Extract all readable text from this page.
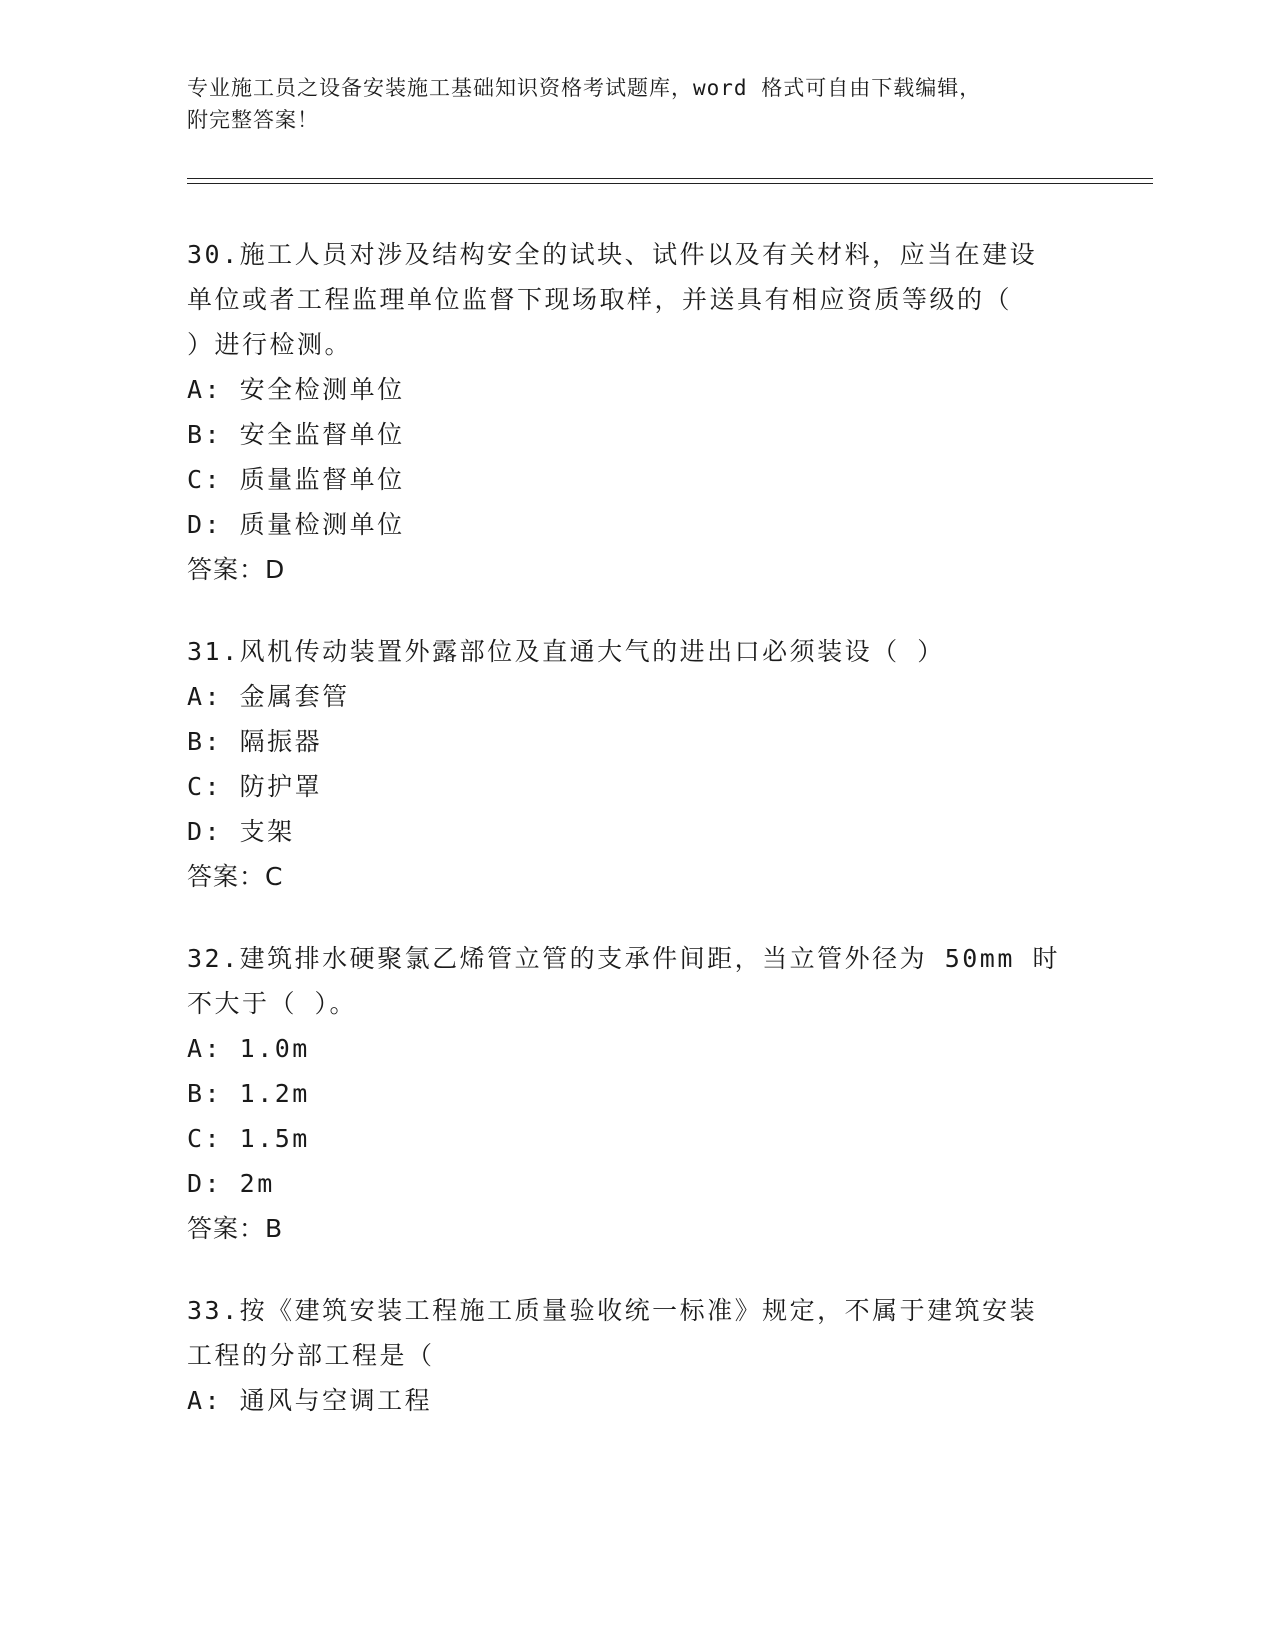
专业施工员之设备安装施工基础知识资格考试题库，word 格式可自由下载编辑，
附完整答案！
30.施工人员对涉及结构安全的试块、试件以及有关材料，应当在建设
单位或者工程监理单位监督下现场取样，并送具有相应资质等级的（
）进行检测。
A: 安全检测单位
B: 安全监督单位
C: 质量监督单位
D: 质量检测单位
答案：D
31.风机传动装置外露部位及直通大气的进出口必须装设（ ）
A: 金属套管
B: 隔振器
C: 防护罩
D: 支架
答案：C
32.建筑排水硬聚氯乙烯管立管的支承件间距，当立管外径为 50mm 时
不大于（ ）。
A: 1.0m
B: 1.2m
C: 1.5m
D: 2m
答案：B
33.按《建筑安装工程施工质量验收统一标准》规定，不属于建筑安装
工程的分部工程是（
A: 通风与空调工程
